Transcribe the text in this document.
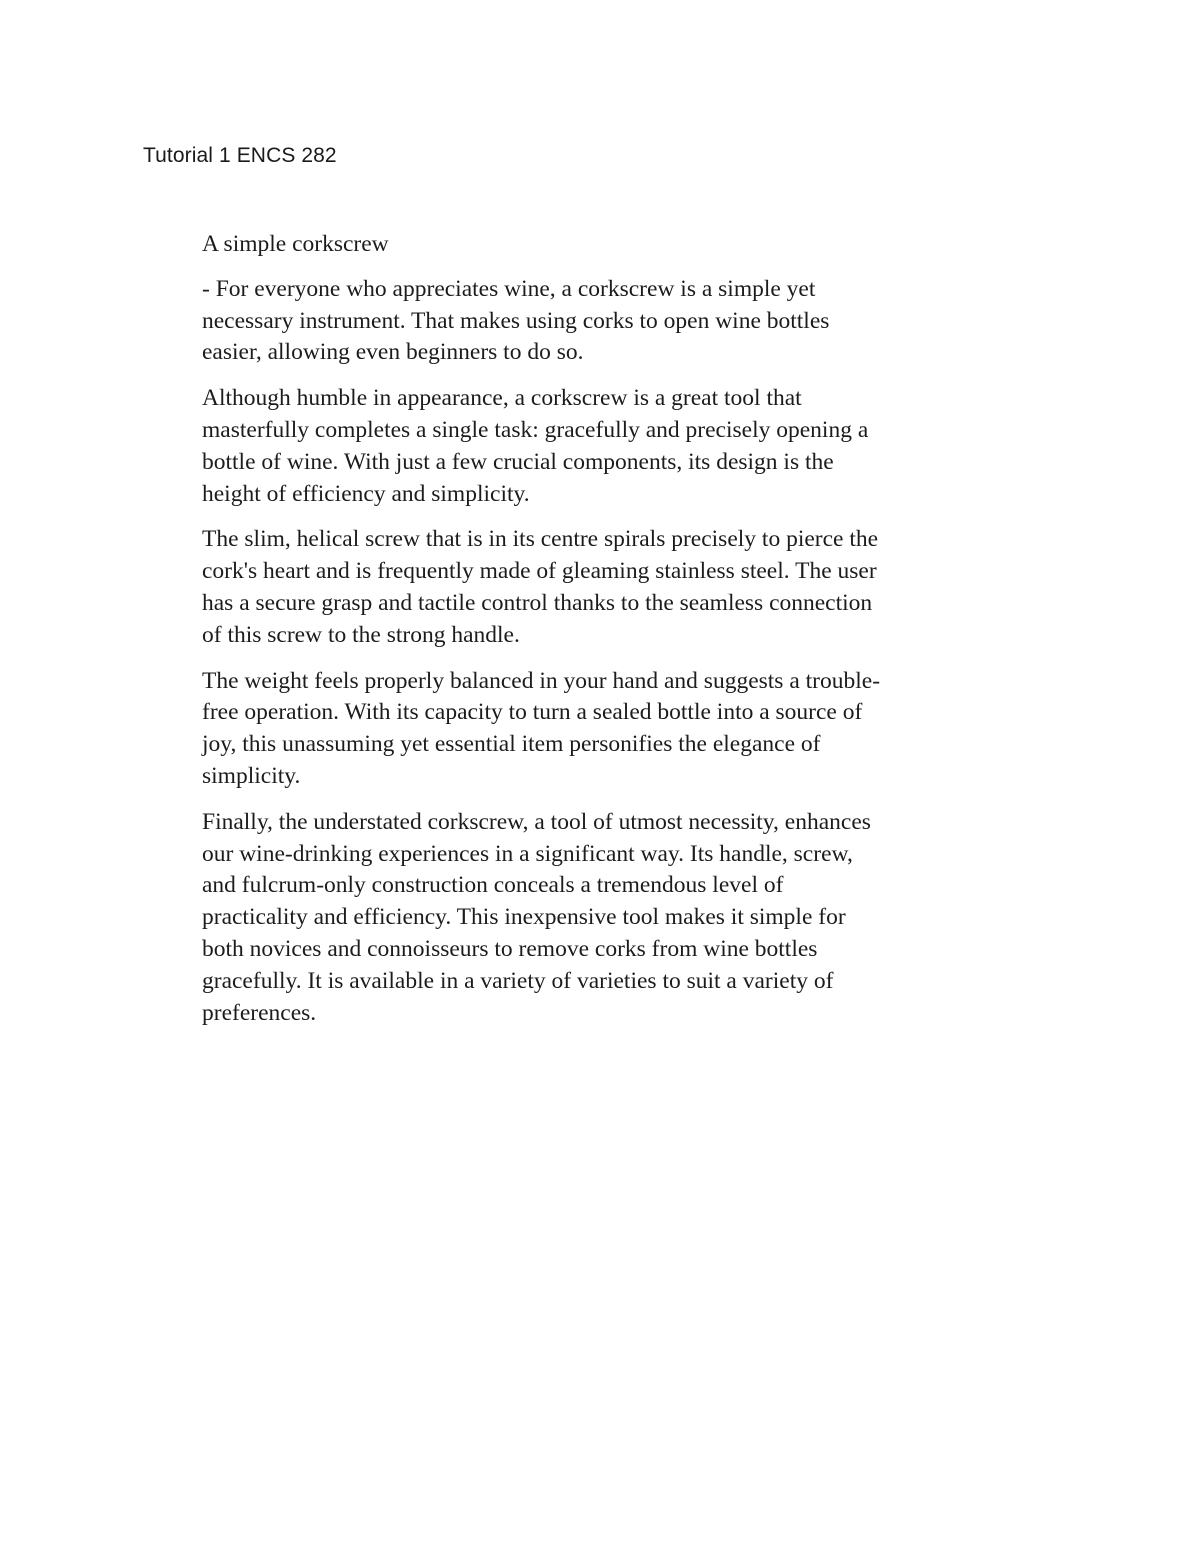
Tutorial 1 ENCS 282
A simple corkscrew
- For everyone who appreciates wine, a corkscrew is a simple yet
necessary instrument. That makes using corks to open wine bottles
easier, allowing even beginners to do so.
Although humble in appearance, a corkscrew is a great tool that
masterfully completes a single task: gracefully and precisely opening a
bottle of wine. With just a few crucial components, its design is the
height of efficiency and simplicity.
The slim, helical screw that is in its centre spirals precisely to pierce the
cork's heart and is frequently made of gleaming stainless steel. The user
has a secure grasp and tactile control thanks to the seamless connection
of this screw to the strong handle.
The weight feels properly balanced in your hand and suggests a trouble-
free operation. With its capacity to turn a sealed bottle into a source of
joy, this unassuming yet essential item personifies the elegance of
simplicity.
Finally, the understated corkscrew, a tool of utmost necessity, enhances
our wine-drinking experiences in a significant way. Its handle, screw,
and fulcrum-only construction conceals a tremendous level of
practicality and efficiency. This inexpensive tool makes it simple for
both novices and connoisseurs to remove corks from wine bottles
gracefully. It is available in a variety of varieties to suit a variety of
preferences.
